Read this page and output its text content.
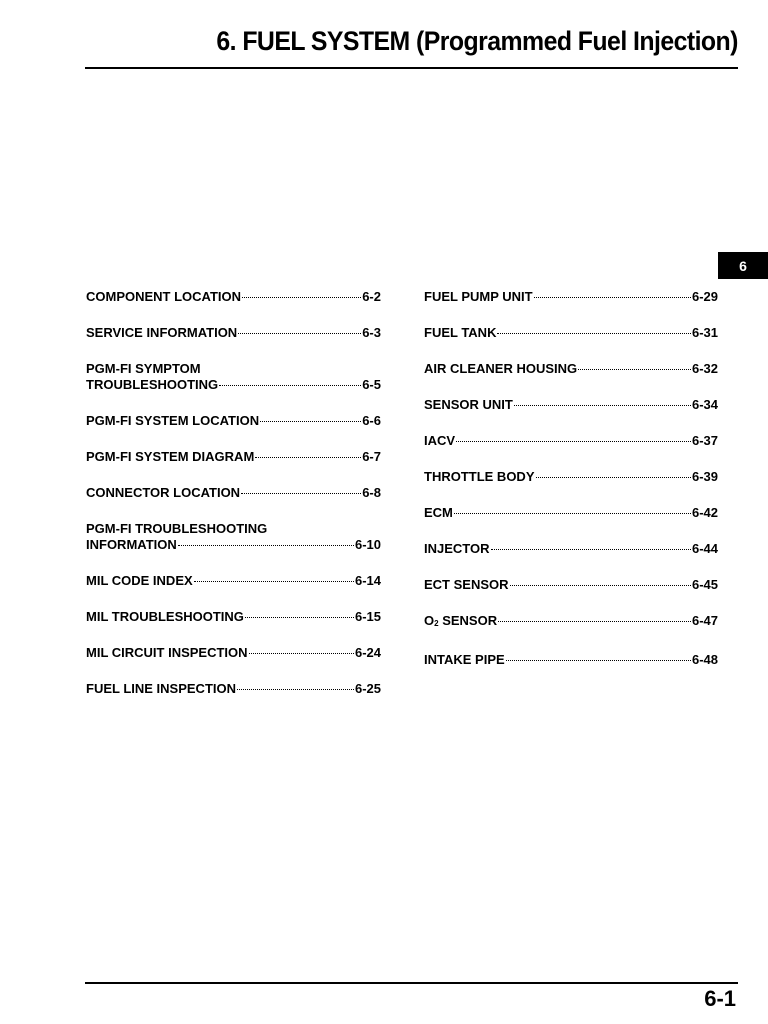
6. FUEL SYSTEM (Programmed Fuel Injection)
6
COMPONENT LOCATION	6-2
SERVICE INFORMATION	6-3
PGM-FI SYMPTOM
TROUBLESHOOTING	6-5
PGM-FI SYSTEM LOCATION	6-6
PGM-FI SYSTEM DIAGRAM	6-7
CONNECTOR LOCATION	6-8
PGM-FI TROUBLESHOOTING
INFORMATION	6-10
MIL CODE INDEX	6-14
MIL TROUBLESHOOTING	6-15
MIL CIRCUIT INSPECTION	6-24
FUEL LINE INSPECTION	6-25
FUEL PUMP UNIT	6-29
FUEL TANK	6-31
AIR CLEANER HOUSING	6-32
SENSOR UNIT	6-34
IACV	6-37
THROTTLE BODY	6-39
ECM	6-42
INJECTOR	6-44
ECT SENSOR	6-45
$O_2$ SENSOR	6-47
INTAKE PIPE	6-48
6-1
